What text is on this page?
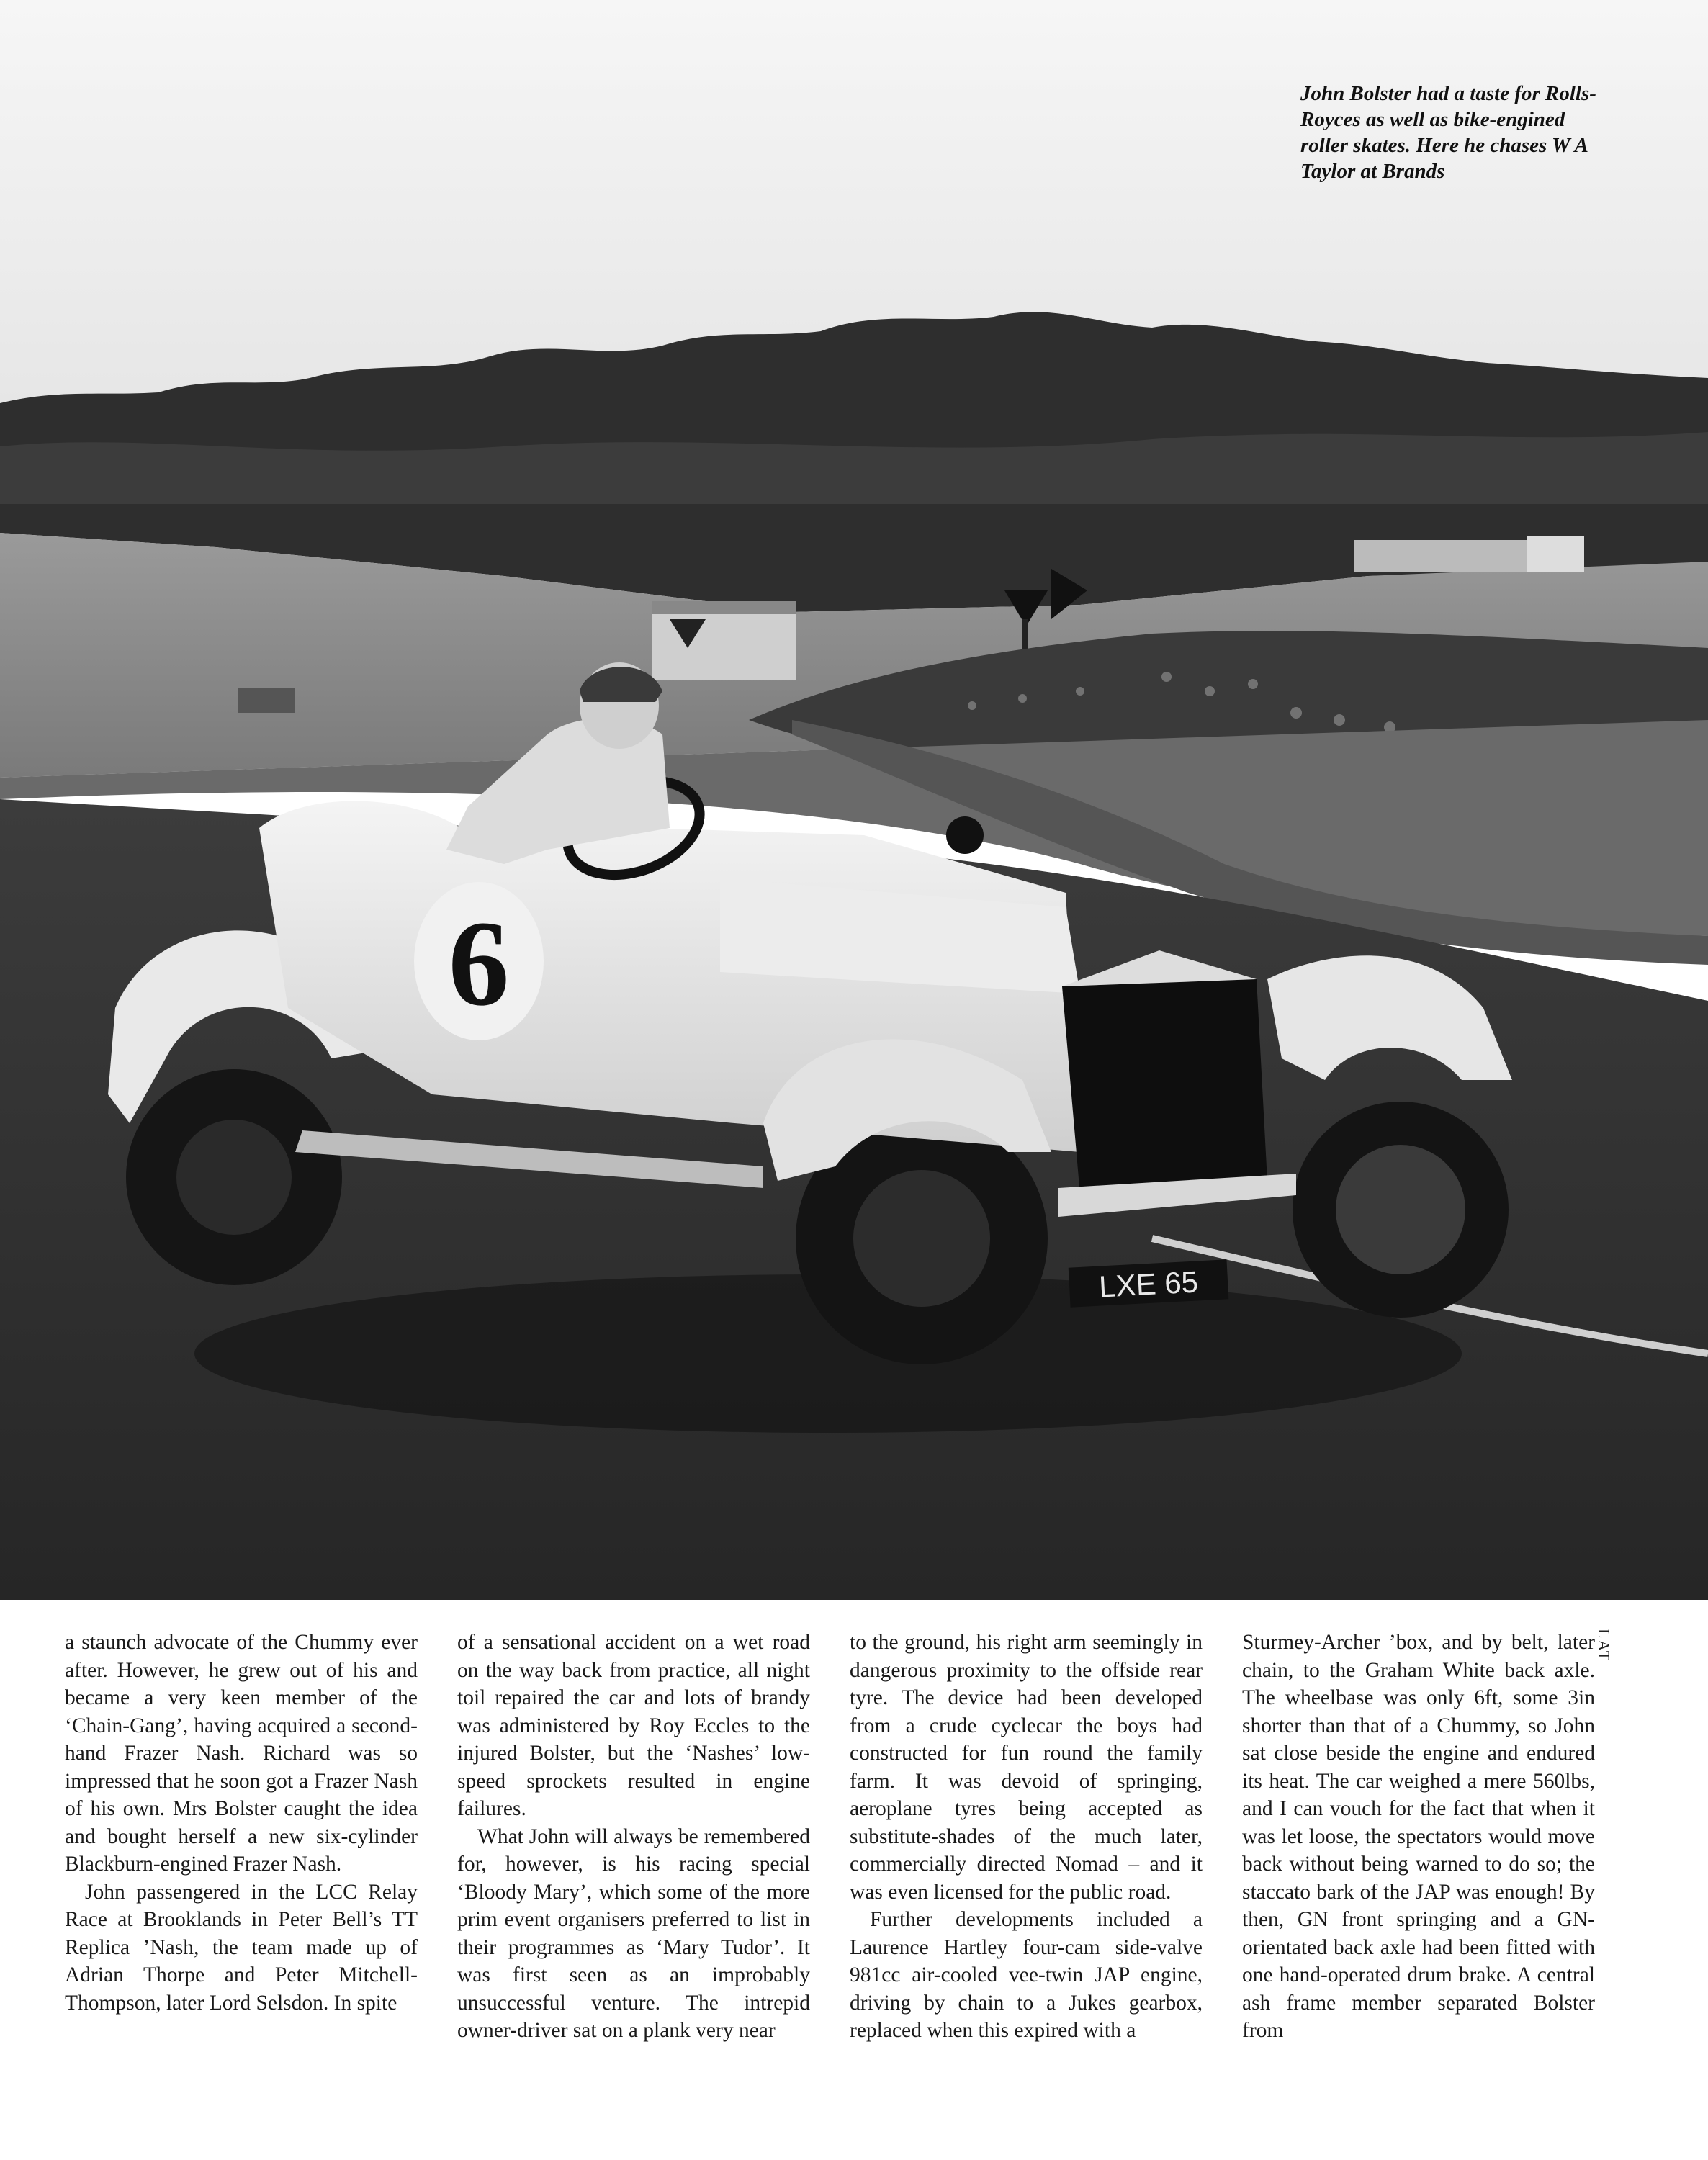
6
LXE 65
John Bolster had a taste for Rolls-Royces as well as bike-engined roller skates. Here he chases W A Taylor at Brands
LAT

a staunch advocate of the Chummy ever after. However, he grew out of his and became a very keen member of the ‘Chain-Gang’, having acquired a second-hand Frazer Nash. Richard was so impressed that he soon got a Frazer Nash of his own. Mrs Bolster caught the idea and bought herself a new six-cylinder Blackburn-engined Frazer Nash.

John passengered in the LCC Relay Race at Brooklands in Peter Bell’s TT Replica ’Nash, the team made up of Adrian Thorpe and Peter Mitchell-Thompson, later Lord Selsdon. In spite

of a sensational accident on a wet road on the way back from practice, all night toil repaired the car and lots of brandy was administered by Roy Eccles to the injured Bolster, but the ‘Nashes’ low-speed sprockets resulted in engine failures.

What John will always be remembered for, however, is his racing special ‘Bloody Mary’, which some of the more prim event organisers preferred to list in their programmes as ‘Mary Tudor’. It was first seen as an improbably unsuccessful venture. The intrepid owner-driver sat on a plank very near

to the ground, his right arm seemingly in dangerous proximity to the offside rear tyre. The device had been developed from a crude cyclecar the boys had constructed for fun round the family farm. It was devoid of springing, aeroplane tyres being accepted as substitute-shades of the much later, commercially directed Nomad – and it was even licensed for the public road.

Further developments included a Laurence Hartley four-cam side-valve 981cc air-cooled vee-twin JAP engine, driving by chain to a Jukes gearbox, replaced when this expired with a

Sturmey-Archer ’box, and by belt, later chain, to the Graham White back axle. The wheelbase was only 6ft, some 3in shorter than that of a Chummy, so John sat close beside the engine and endured its heat. The car weighed a mere 560lbs, and I can vouch for the fact that when it was let loose, the spectators would move back without being warned to do so; the staccato bark of the JAP was enough! By then, GN front springing and a GN-orientated back axle had been fitted with one hand-operated drum brake. A central ash frame member separated Bolster from
